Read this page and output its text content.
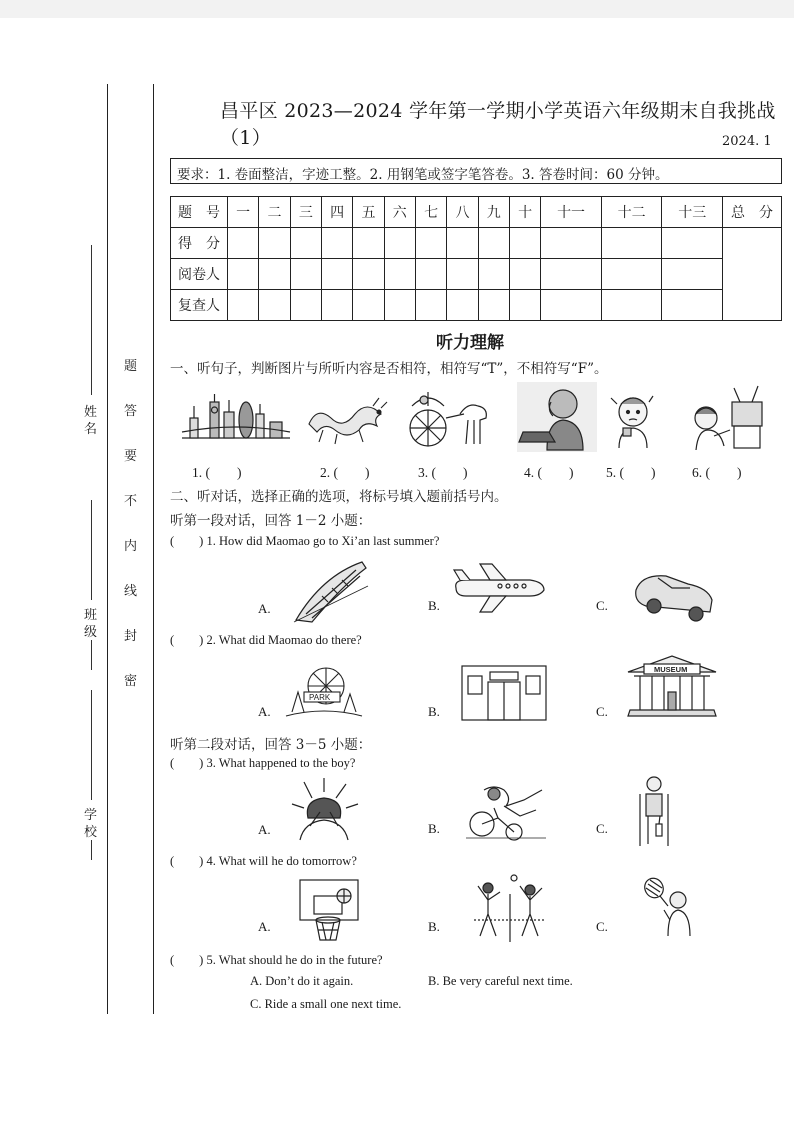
题
答
要
不
内
线
封
密
姓名
班级
学校
昌平区 2023—2024 学年第一学期小学英语六年级期末自我挑战（1）	2024. 1
要求：1. 卷面整洁，字迹工整。2. 用钢笔或签字笔答卷。3. 答卷时间：60 分钟。
题　号	一	二	三	四	五	六	七	八	九	十	十一	十二	十三	总　分
得　分														
阅卷人														
复查人														
听力理解
一、听句子，判断图片与所听内容是否相符，相符写“T”，不相符写“F”。
1. (　　)	2. (　　)	3. (　　)	4. (　　) 5. (　　)	6. (　　)
二、听对话，选择正确的选项，将标号填入题前括号内。
听第一段对话，回答 1－2 小题：
(　　) 1. How did Maomao go to Xi’an last summer?
A.	B.	C.
(　　) 2. What did Maomao do there?
A.
PARK
B.	C.
MUSEUM
听第二段对话，回答 3－5 小题：
(　　) 3. What happened to the boy?
A.	B.	C.
(　　) 4. What will he do tomorrow?
A.	B.	C.
(　　) 5. What should he do in the future?
A. Don’t do it again.	B. Be very careful next time.
C. Ride a small one next time.
